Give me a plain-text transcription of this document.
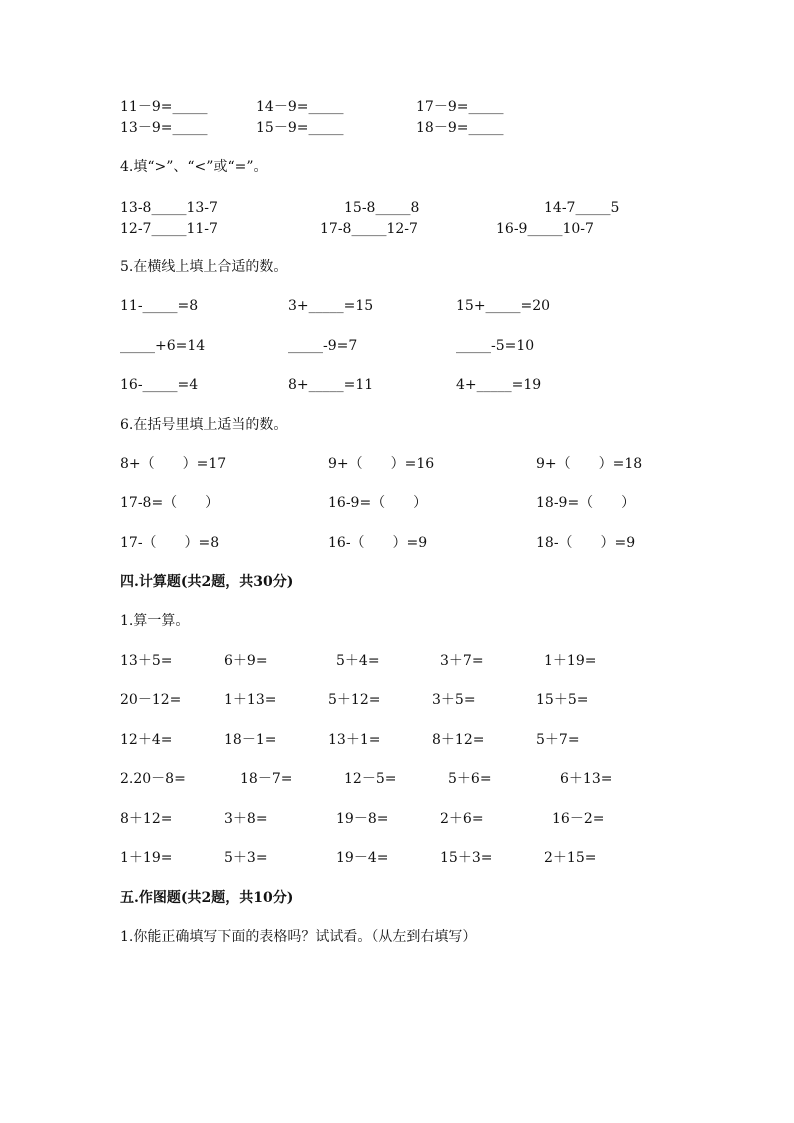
11－9=_____	14－9=_____	17－9=_____
13－9=_____	15－9=_____	18－9=_____
4.填“>”、“<”或“=”。
13-8_____13-7	15-8_____8	14-7_____5
12-7_____11-7	17-8_____12-7	16-9_____10-7
5.在横线上填上合适的数。
11-_____=8	3+_____=15	15+_____=20
_____+6=14	_____-9=7	_____-5=10
16-_____=4	8+_____=11	4+_____=19
6.在括号里填上适当的数。
8+（　　）=17	9+（　　）=16	9+（　　）=18
17-8=（　　）	16-9=（　　）	18-9=（　　）
17-（　　）=8	16-（　　）=9	18-（　　）=9
四.计算题(共2题，共30分)
1.算一算。
13＋5=	6＋9=	5＋4=	3＋7=	1＋19=
20－12=	1＋13=	5＋12=	3＋5=	15＋5=
12＋4=	18－1=	13＋1=	8＋12=	5＋7=
2.20－8=	18－7=	12－5=	5＋6=	6＋13=
8＋12=	3＋8=	19－8=	2＋6=	16－2=
1＋19=	5＋3=	19－4=	15＋3=	2＋15=
五.作图题(共2题，共10分)
1.你能正确填写下面的表格吗？试试看。（从左到右填写）
